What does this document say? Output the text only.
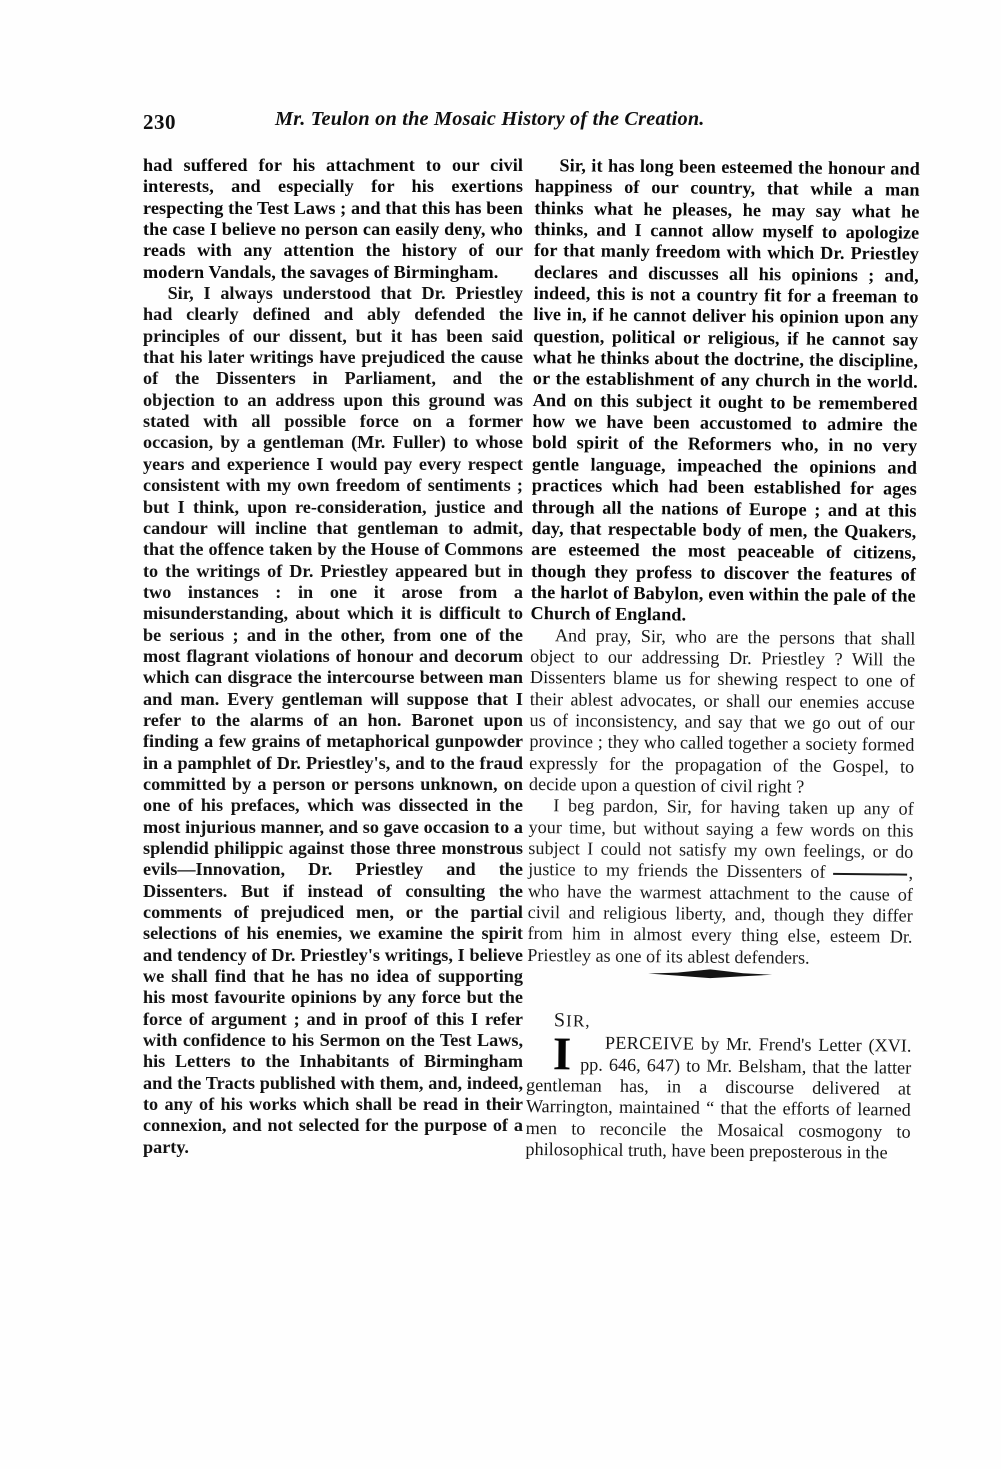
230	Mr. Teulon on the Mosaic History of the Creation.

had suffered for his attachment to our civil interests, and especially for his exertions respecting the Test Laws ; and that this has been the case I believe no person can easily deny, who reads with any attention the history of our modern Vandals, the savages of Birmingham.

Sir, I always understood that Dr. Priestley had clearly defined and ably defended the principles of our dissent, but it has been said that his later writings have prejudiced the cause of the Dissenters in Parliament, and the objection to an address upon this ground was stated with all possible force on a former occasion, by a gentleman (Mr. Fuller) to whose years and experience I would pay every respect consistent with my own freedom of sentiments ; but I think, upon re-consideration, justice and candour will incline that gentleman to admit, that the offence taken by the House of Commons to the writings of Dr. Priestley appeared but in two instances : in one it arose from a misunderstanding, about which it is difficult to be serious ; and in the other, from one of the most flagrant violations of honour and decorum which can disgrace the intercourse between man and man. Every gentleman will suppose that I refer to the alarms of an hon. Baronet upon finding a few grains of metaphorical gunpowder in a pamphlet of Dr. Priestley's, and to the fraud committed by a person or persons unknown, on one of his prefaces, which was dissected in the most injurious manner, and so gave occasion to a splendid philippic against those three monstrous evils—Innovation, Dr. Priestley and the Dissenters. But if instead of consulting the comments of prejudiced men, or the partial selections of his enemies, we examine the spirit and tendency of Dr. Priestley's writings, I believe we shall find that he has no idea of supporting his most favourite opinions by any force but the force of argument ; and in proof of this I refer with confidence to his Sermon on the Test Laws, his Letters to the Inhabitants of Birmingham and the Tracts published with them, and, indeed, to any of his works which shall be read in their connexion, and not selected for the purpose of a party.

Sir, it has long been esteemed the honour and happiness of our country, that while a man thinks what he pleases, he may say what he thinks, and I cannot allow myself to apologize for that manly freedom with which Dr. Priestley declares and discusses all his opinions ; and, indeed, this is not a country fit for a freeman to live in, if he cannot deliver his opinion upon any question, political or religious, if he cannot say what he thinks about the doctrine, the discipline, or the establishment of any church in the world. And on this subject it ought to be remembered how we have been accustomed to admire the bold spirit of the Reformers who, in no very gentle language, impeached the opinions and practices which had been established for ages through all the nations of Europe ; and at this day, that respectable body of men, the Quakers, are esteemed the most peaceable of citizens, though they profess to discover the features of the harlot of Babylon, even within the pale of the Church of England.

And pray, Sir, who are the persons that shall object to our addressing Dr. Priestley ? Will the Dissenters blame us for shewing respect to one of their ablest advocates, or shall our enemies accuse us of inconsistency, and say that we go out of our province ; they who called together a society formed expressly for the propagation of the Gospel, to decide upon a question of civil right ?

I beg pardon, Sir, for having taken up any of your time, but without saying a few words on this subject I could not satisfy my own feelings, or do justice to my friends the Dissenters of	, who have the warmest attachment to the cause of civil and religious liberty, and, though they differ from him in almost every thing else, esteem Dr. Priestley as one of its ablest defenders.

SIR,

I PERCEIVE by Mr. Frend's Letter (XVI. pp. 646, 647) to Mr. Belsham, that the latter gentleman has, in a discourse delivered at Warrington, maintained “ that the efforts of learned men to reconcile the Mosaical cosmogony to philosophical truth, have been preposterous in the
